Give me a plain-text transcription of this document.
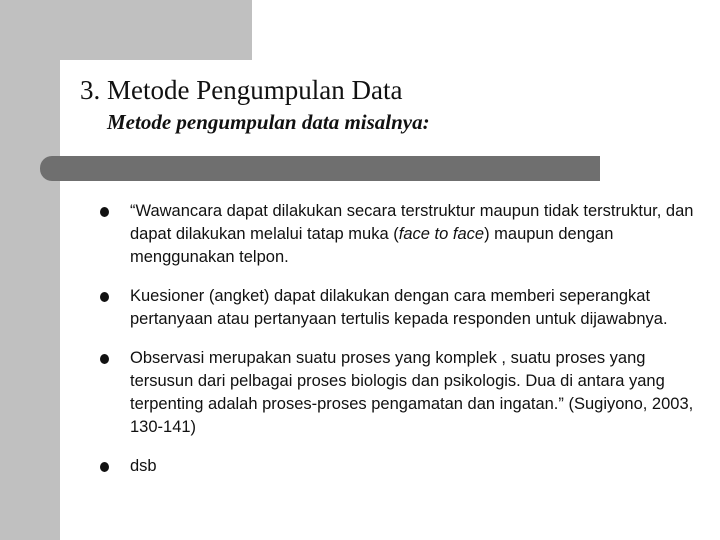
3. Metode Pengumpulan Data
Metode pengumpulan data misalnya:
“Wawancara dapat dilakukan secara terstruktur maupun tidak terstruktur, dan dapat dilakukan melalui tatap muka (face to face) maupun dengan menggunakan telpon.
Kuesioner (angket) dapat dilakukan dengan cara memberi seperangkat pertanyaan atau pertanyaan tertulis kepada responden untuk dijawabnya.
Observasi merupakan suatu proses yang komplek , suatu proses yang tersusun dari pelbagai proses biologis dan psikologis. Dua di antara yang terpenting adalah proses-proses pengamatan dan ingatan.” (Sugiyono, 2003, 130-141)
dsb
